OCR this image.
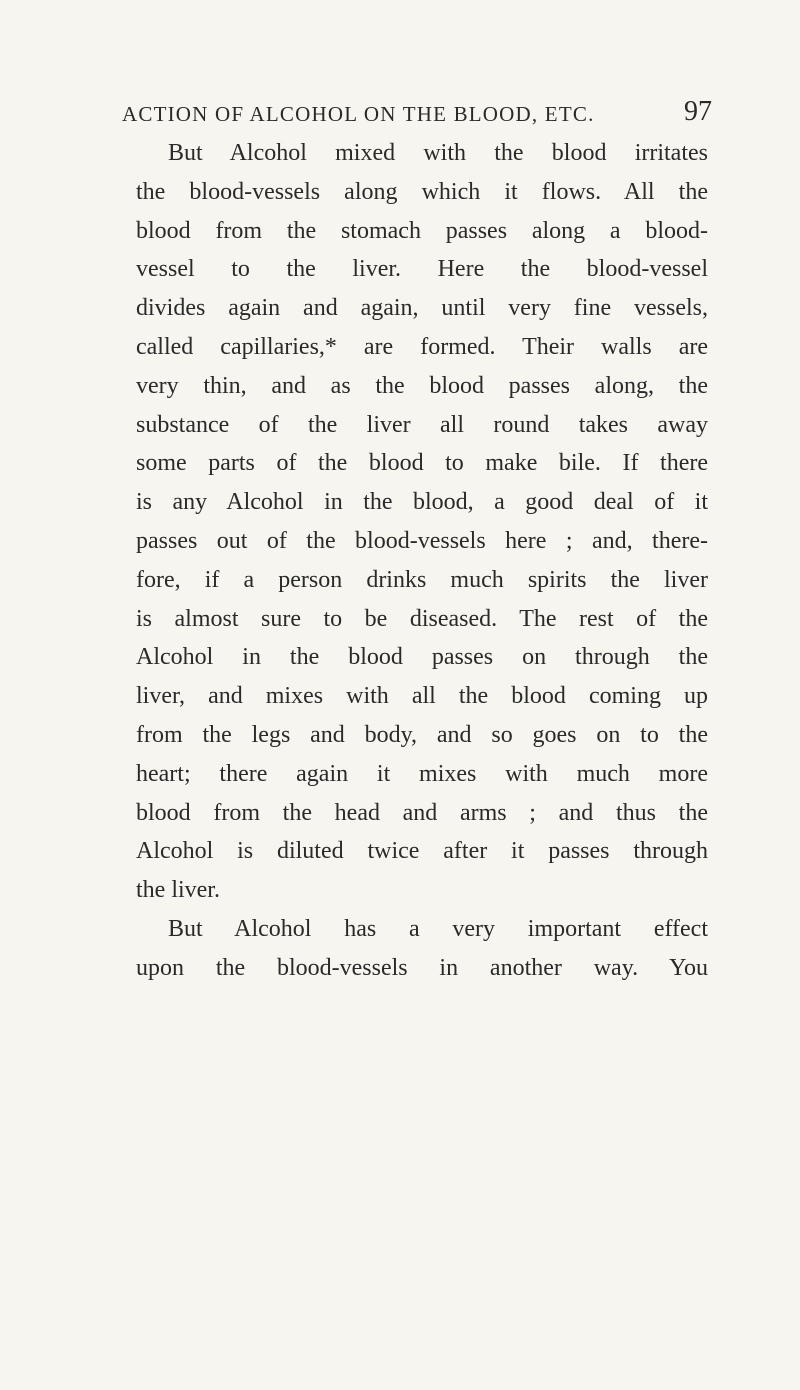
ACTION OF ALCOHOL ON THE BLOOD, ETC.	97
But Alcohol mixed with the blood irritates
the blood-vessels along which it flows. All the
blood from the stomach passes along a blood-
vessel to the liver. Here the blood-vessel
divides again and again, until very fine vessels,
called capillaries,* are formed. Their walls are
very thin, and as the blood passes along, the
substance of the liver all round takes away
some parts of the blood to make bile. If there
is any Alcohol in the blood, a good deal of it
passes out of the blood-vessels here ; and, there-
fore, if a person drinks much spirits the liver
is almost sure to be diseased. The rest of the
Alcohol in the blood passes on through the
liver, and mixes with all the blood coming up
from the legs and body, and so goes on to the
heart; there again it mixes with much more
blood from the head and arms ; and thus the
Alcohol is diluted twice after it passes through
the liver.
But Alcohol has a very important effect
upon the blood-vessels in another way. You
